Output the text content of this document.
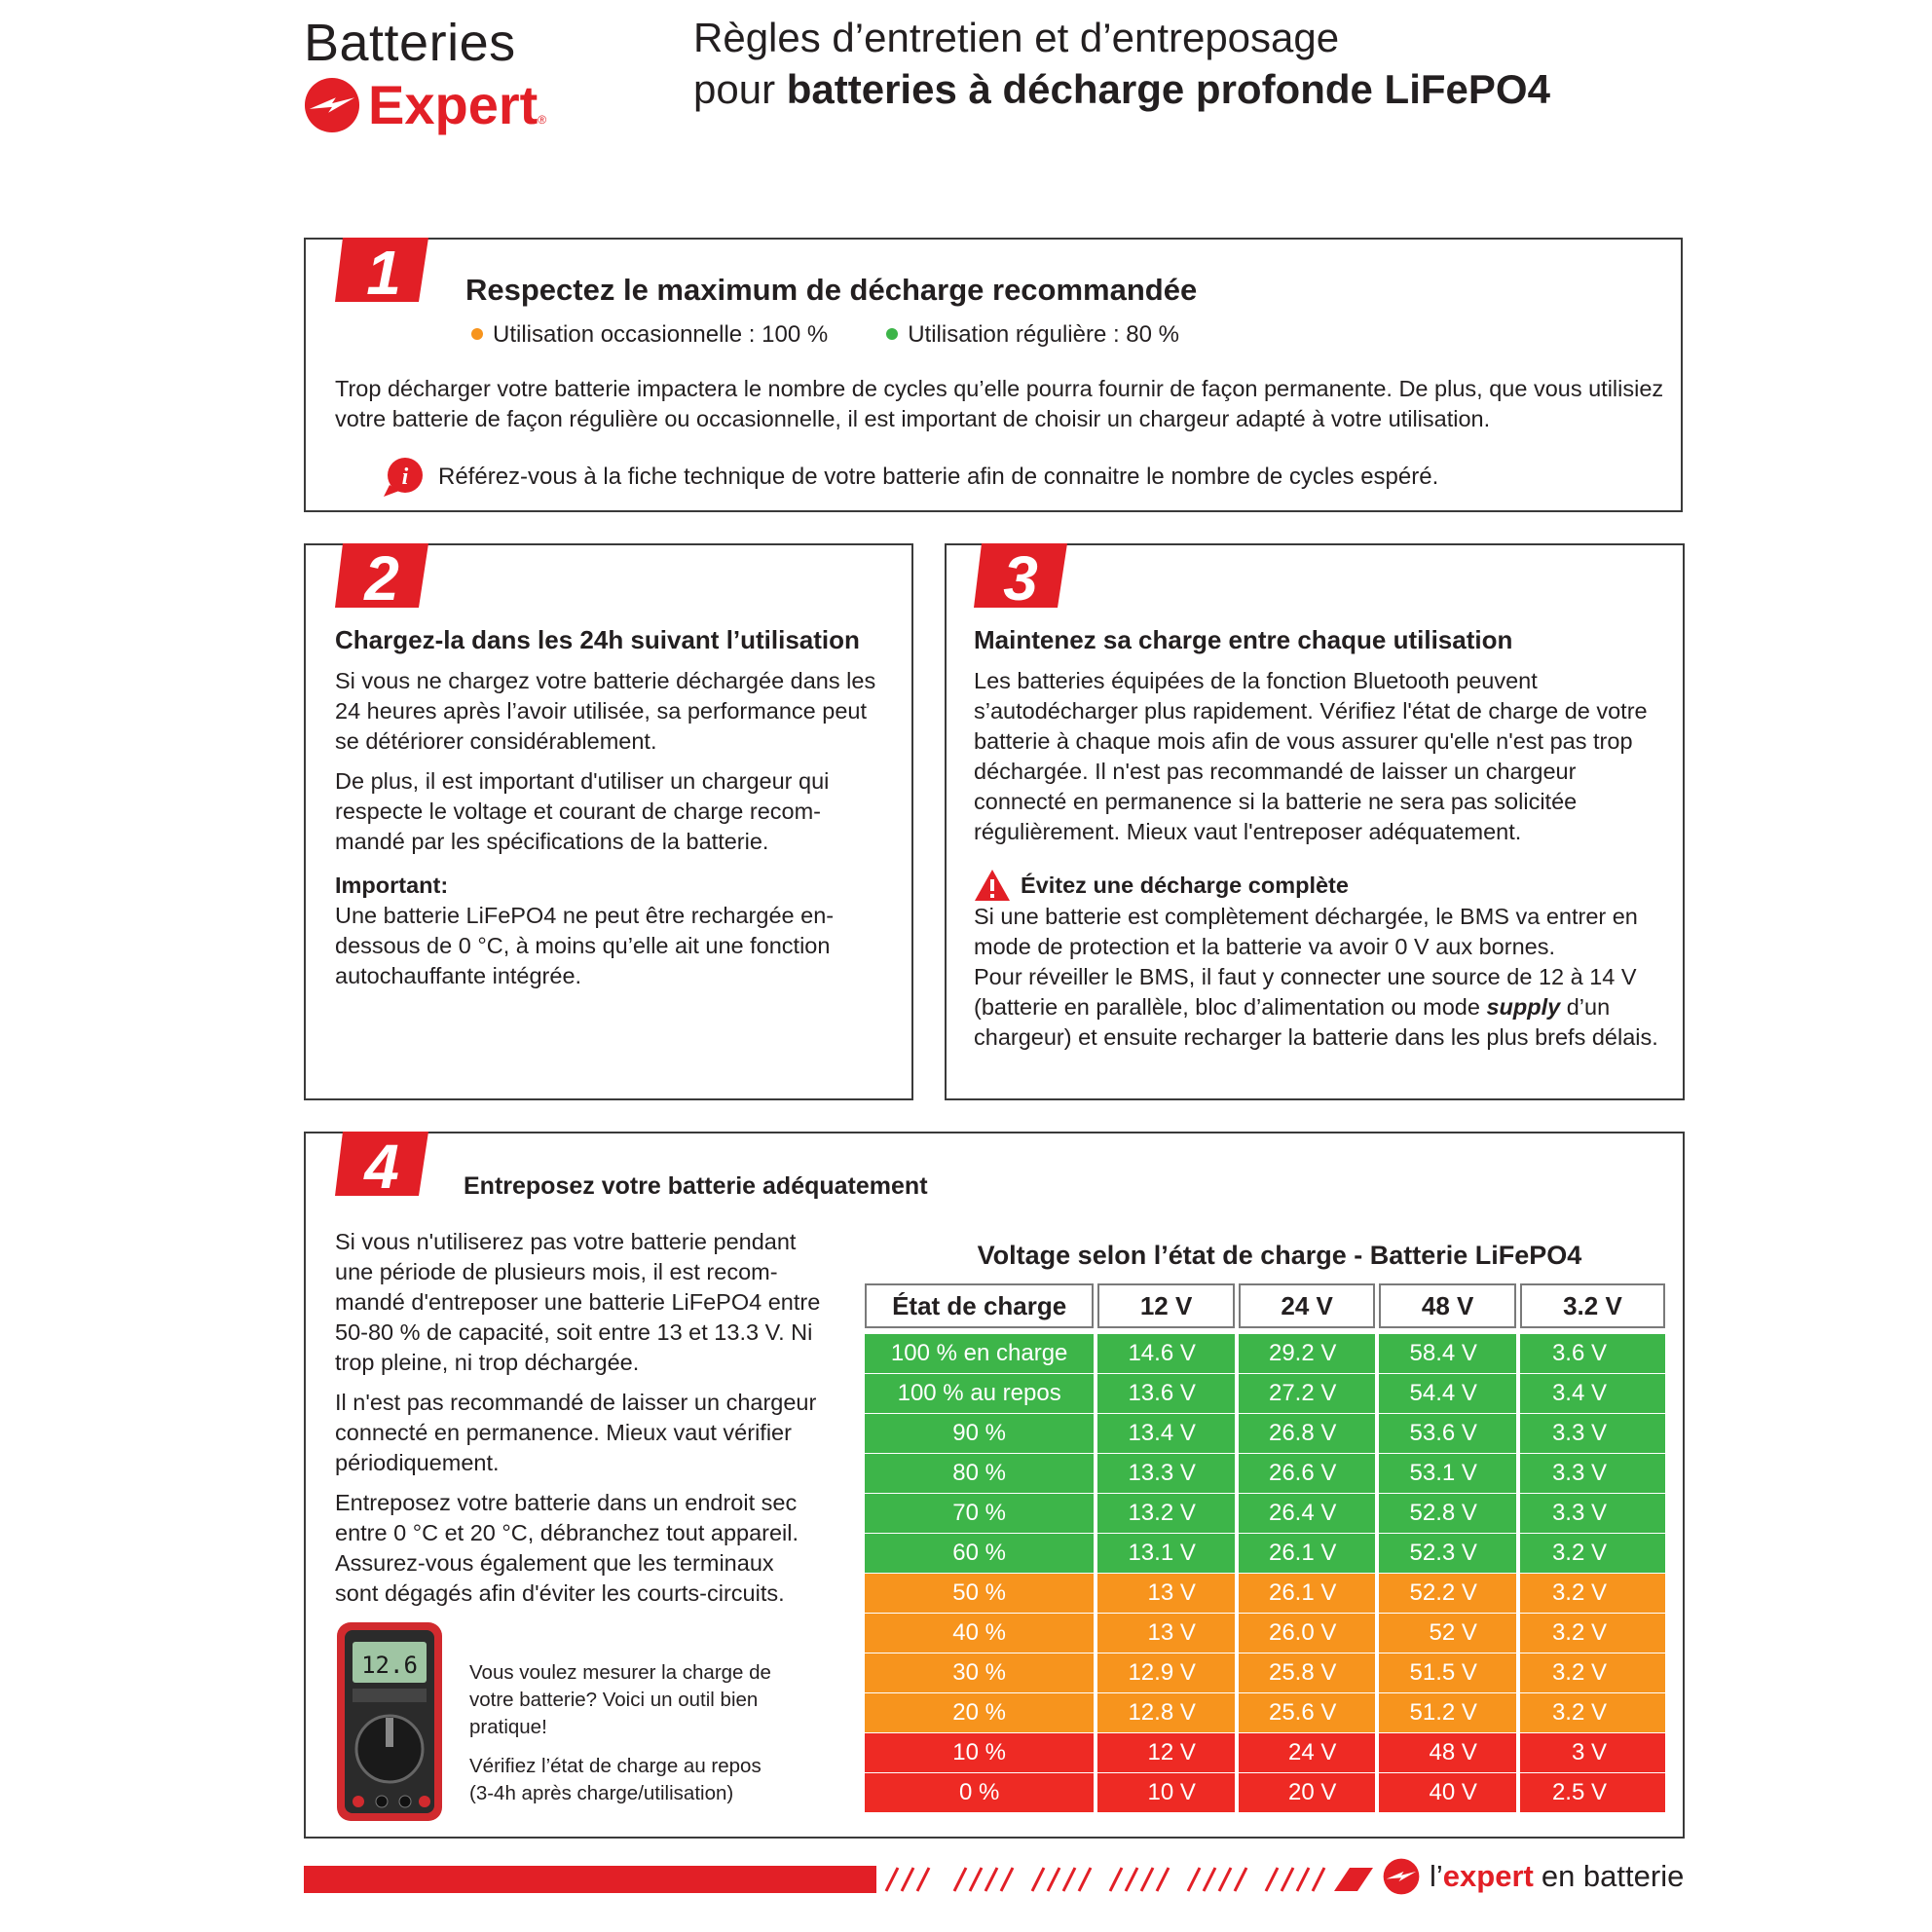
Batteries
Expert ®
Règles d’entretien et d’entreposage
pour batteries à décharge profonde LiFePO4
1 Respectez le maximum de décharge recommandée
Utilisation occasionnelle : 100 %	Utilisation régulière : 80 %
Trop décharger votre batterie impactera le nombre de cycles qu’elle pourra fournir de façon permanente. De plus, que vous utilisiez votre batterie de façon régulière ou occasionnelle, il est important de choisir un chargeur adapté à votre utilisation.
i Référez-vous à la fiche technique de votre batterie afin de connaitre le nombre de cycles espéré.
2
Chargez-la dans les 24h suivant l’utilisation
Si vous ne chargez votre batterie déchargée dans les 24 heures après l’avoir utilisée, sa performance peut se détériorer considérablement.
De plus, il est important d'utiliser un chargeur qui respecte le voltage et courant de charge recom-mandé par les spécifications de la batterie.
Important:
Une batterie LiFePO4 ne peut être rechargée en-dessous de 0 °C, à moins qu’elle ait une fonction autochauffante intégrée.
3
Maintenez sa charge entre chaque utilisation
Les batteries équipées de la fonction Bluetooth peuvent s’autodécharger plus rapidement. Vérifiez l'état de charge de votre batterie à chaque mois afin de vous assurer qu'elle n'est pas trop déchargée. Il n'est pas recommandé de laisser un chargeur connecté en permanence si la batterie ne sera pas solicitée régulièrement. Mieux vaut l'entreposer adéquatement.
Évitez une décharge complète
Si une batterie est complètement déchargée, le BMS va entrer en mode de protection et la batterie va avoir 0 V aux bornes.
Pour réveiller le BMS, il faut y connecter une source de 12 à 14 V (batterie en parallèle, bloc d’alimentation ou mode supply d’un chargeur) et ensuite recharger la batterie dans les plus brefs délais.
4	Entreposez votre batterie adéquatement
Si vous n'utiliserez pas votre batterie pendant une période de plusieurs mois, il est recom-mandé d'entreposer une batterie LiFePO4 entre 50-80 % de capacité, soit entre 13 et 13.3 V. Ni trop pleine, ni trop déchargée.
Il n'est pas recommandé de laisser un chargeur connecté en permanence. Mieux vaut vérifier périodiquement.
Entreposez votre batterie dans un endroit sec entre 0 °C et 20 °C, débranchez tout appareil. Assurez-vous également que les terminaux sont dégagés afin d'éviter les courts-circuits.
12.6	Vous voulez mesurer la charge de votre batterie? Voici un outil bien pratique!
Vérifiez l’état de charge au repos (3-4h après charge/utilisation)
Voltage selon l’état de charge - Batterie LiFePO4
État de charge	12 V	24 V	48 V	3.2 V

100 % en charge	14.6 V	29.2 V	58.4 V	3.6 V
100 % au repos	13.6 V	27.2 V	54.4 V	3.4 V
90 %	13.4 V	26.8 V	53.6 V	3.3 V
80 %	13.3 V	26.6 V	53.1 V	3.3 V
70 %	13.2 V	26.4 V	52.8 V	3.3 V
60 %	13.1 V	26.1 V	52.3 V	3.2 V
50 %	13 V	26.1 V	52.2 V	3.2 V
40 %	13 V	26.0 V	52 V	3.2 V
30 %	12.9 V	25.8 V	51.5 V	3.2 V
20 %	12.8 V	25.6 V	51.2 V	3.2 V
10 %	12 V	24 V	48 V	3 V
0 %	10 V	20 V	40 V	2.5 V
l’ expert en batterie
